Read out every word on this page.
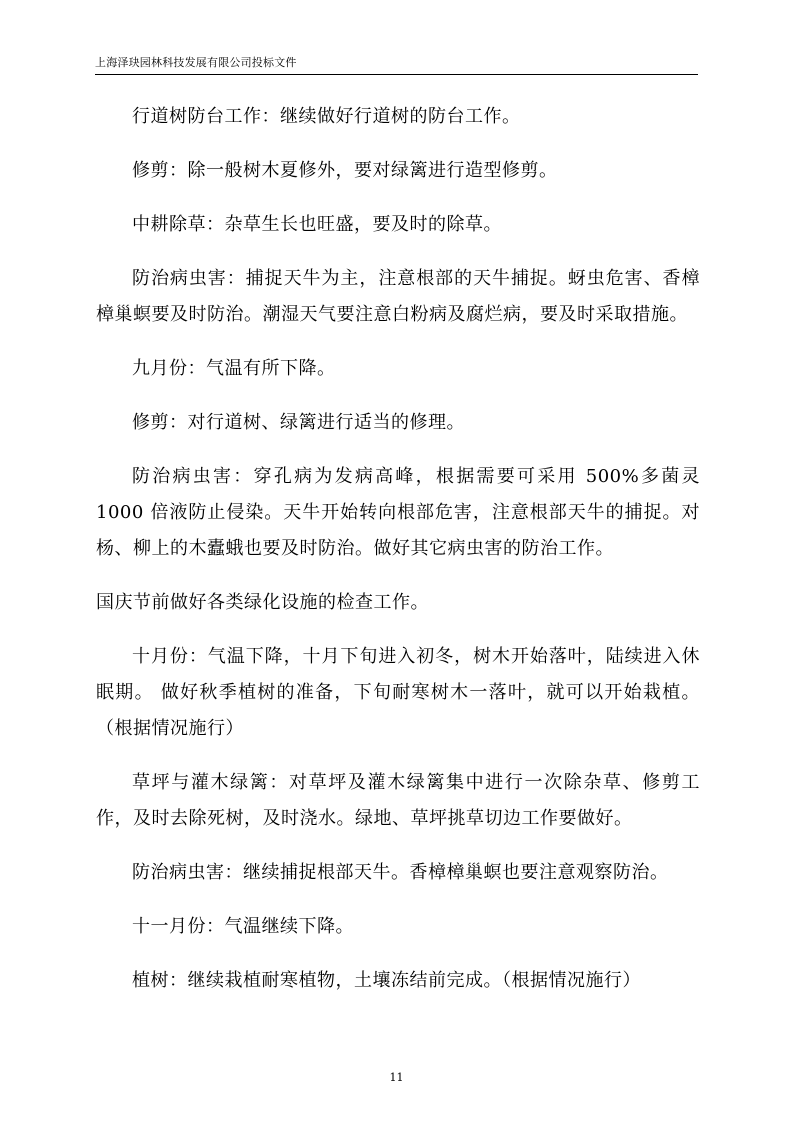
上海泽玦园林科技发展有限公司投标文件

行道树防台工作：继续做好行道树的防台工作。

修剪：除一般树木夏修外，要对绿篱进行造型修剪。

中耕除草：杂草生长也旺盛，要及时的除草。

防治病虫害：捕捉天牛为主，注意根部的天牛捕捉。蚜虫危害、香樟樟巢螟要及时防治。潮湿天气要注意白粉病及腐烂病，要及时采取措施。

九月份：气温有所下降。

修剪：对行道树、绿篱进行适当的修理。

防治病虫害：穿孔病为发病高峰，根据需要可采用 500%多菌灵 1000 倍液防止侵染。天牛开始转向根部危害，注意根部天牛的捕捉。对杨、柳上的木蠹蛾也要及时防治。做好其它病虫害的防治工作。

国庆节前做好各类绿化设施的检查工作。

十月份：气温下降，十月下旬进入初冬，树木开始落叶，陆续进入休眠期。 做好秋季植树的准备，下旬耐寒树木一落叶，就可以开始栽植。（根据情况施行）

草坪与灌木绿篱：对草坪及灌木绿篱集中进行一次除杂草、修剪工作，及时去除死树，及时浇水。绿地、草坪挑草切边工作要做好。

防治病虫害：继续捕捉根部天牛。香樟樟巢螟也要注意观察防治。

十一月份：气温继续下降。

植树：继续栽植耐寒植物，土壤冻结前完成。（根据情况施行）

11
